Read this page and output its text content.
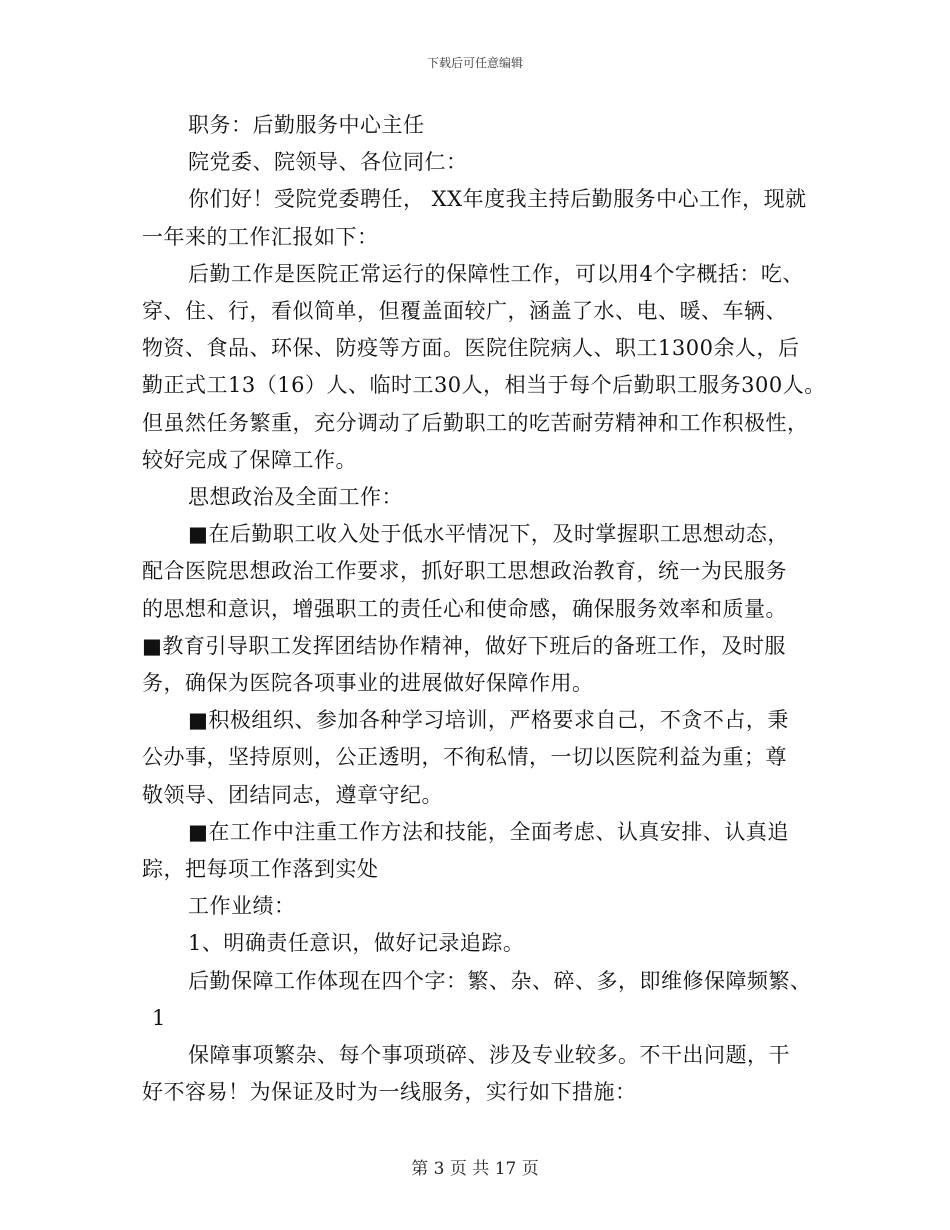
下载后可任意编辑

职务：后勤服务中心主任

院党委、院领导、各位同仁：

你们好！受院党委聘任， XX年度我主持后勤服务中心工作，现就

一年来的工作汇报如下：

后勤工作是医院正常运行的保障性工作，可以用4个字概括：吃、

穿、住、行，看似简单，但覆盖面较广，涵盖了水、电、暖、车辆、

物资、食品、环保、防疫等方面。医院住院病人、职工1300余人，后

勤正式工13（16）人、临时工30人，相当于每个后勤职工服务300人。

但虽然任务繁重，充分调动了后勤职工的吃苦耐劳精神和工作积极性，

较好完成了保障工作。

思想政治及全面工作：

■在后勤职工收入处于低水平情况下，及时掌握职工思想动态，

配合医院思想政治工作要求，抓好职工思想政治教育，统一为民服务

的思想和意识，增强职工的责任心和使命感，确保服务效率和质量。

■教育引导职工发挥团结协作精神，做好下班后的备班工作，及时服

务，确保为医院各项事业的进展做好保障作用。

■积极组织、参加各种学习培训，严格要求自己，不贪不占，秉

公办事，坚持原则，公正透明，不徇私情，一切以医院利益为重；尊

敬领导、团结同志，遵章守纪。

■在工作中注重工作方法和技能，全面考虑、认真安排、认真追

踪，把每项工作落到实处

工作业绩：

1、明确责任意识，做好记录追踪。

后勤保障工作体现在四个字：繁、杂、碎、多，即维修保障频繁、

1

保障事项繁杂、每个事项琐碎、涉及专业较多。不干出问题，干

好不容易！为保证及时为一线服务，实行如下措施：

第 3 页 共 17 页
